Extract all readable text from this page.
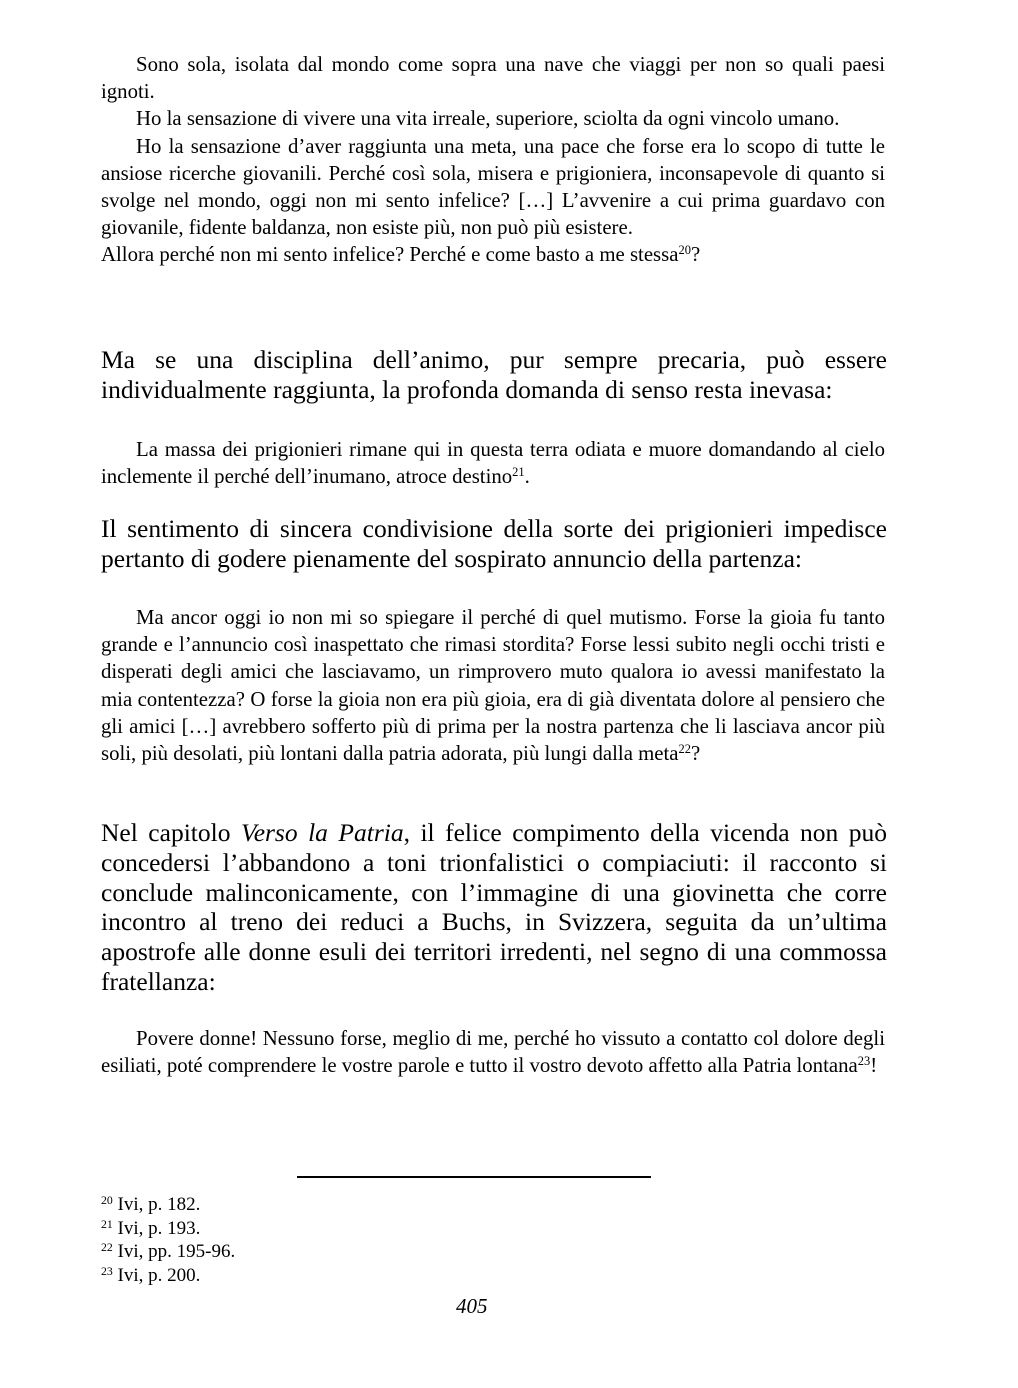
Sono sola, isolata dal mondo come sopra una nave che viaggi per non so quali paesi ignoti.

Ho la sensazione di vivere una vita irreale, superiore, sciolta da ogni vincolo umano.

Ho la sensazione d’aver raggiunta una meta, una pace che forse era lo scopo di tutte le ansiose ricerche giovanili. Perché così sola, misera e prigioniera, inconsapevole di quanto si svolge nel mondo, oggi non mi sento infelice? […] L’avvenire a cui prima guardavo con giovanile, fidente baldanza, non esiste più, non può più esistere.

Allora perché non mi sento infelice? Perché e come basto a me stessa$^{20}$?

Ma se una disciplina dell’animo, pur sempre precaria, può essere individualmente raggiunta, la profonda domanda di senso resta inevasa:

La massa dei prigionieri rimane qui in questa terra odiata e muore domandando al cielo inclemente il perché dell’inumano, atroce destino$^{21}$.

Il sentimento di sincera condivisione della sorte dei prigionieri impedisce pertanto di godere pienamente del sospirato annuncio della partenza:

Ma ancor oggi io non mi so spiegare il perché di quel mutismo. Forse la gioia fu tanto grande e l’annuncio così inaspettato che rimasi stordita? Forse lessi subito negli occhi tristi e disperati degli amici che lasciavamo, un rimprovero muto qualora io avessi manifestato la mia contentezza? O forse la gioia non era più gioia, era di già diventata dolore al pensiero che gli amici […] avrebbero sofferto più di prima per la nostra partenza che li lasciava ancor più soli, più desolati, più lontani dalla patria adorata, più lungi dalla meta$^{22}$?

Nel capitolo Verso la Patria, il felice compimento della vicenda non può concedersi l’abbandono a toni trionfalistici o compiaciuti: il racconto si conclude malinconicamente, con l’immagine di una giovinetta che corre incontro al treno dei reduci a Buchs, in Svizzera, seguita da un’ultima apostrofe alle donne esuli dei territori irredenti, nel segno di una commossa fratellanza:

Povere donne! Nessuno forse, meglio di me, perché ho vissuto a contatto col dolore degli esiliati, poté comprendere le vostre parole e tutto il vostro devoto affetto alla Patria lontana$^{23}$!

$^{20}$ Ivi, p. 182.
$^{21}$ Ivi, p. 193.
$^{22}$ Ivi, pp. 195-96.
$^{23}$ Ivi, p. 200.
405
